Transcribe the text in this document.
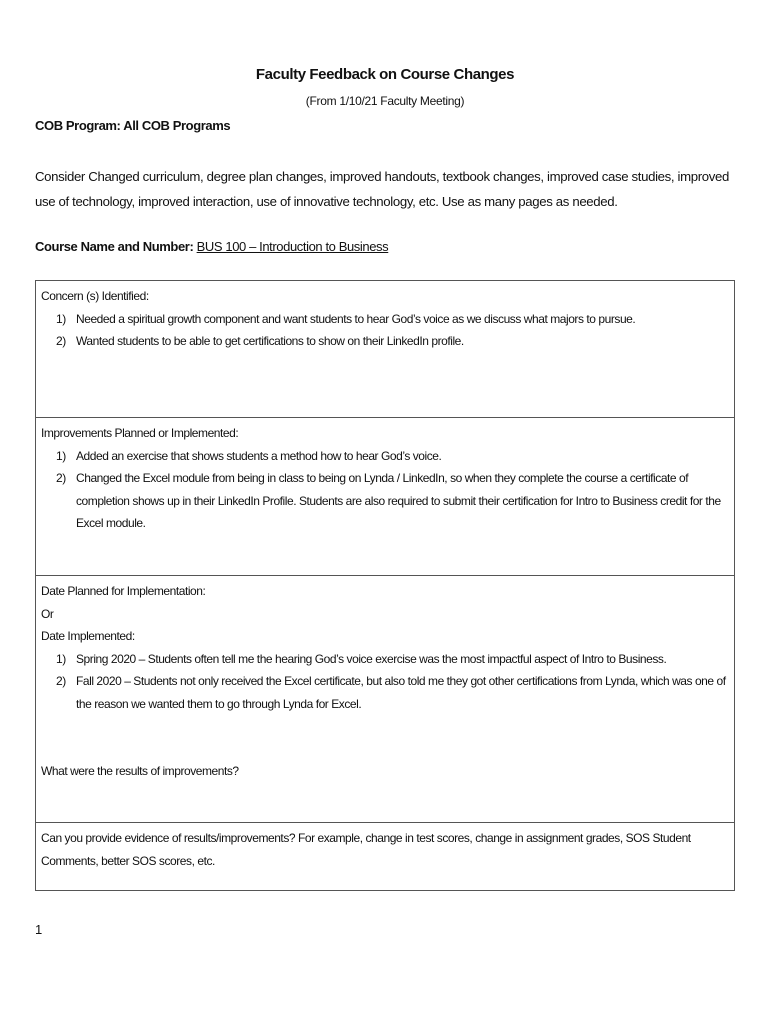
Faculty Feedback on Course Changes
(From 1/10/21 Faculty Meeting)
COB Program: All COB Programs
Consider Changed curriculum, degree plan changes, improved handouts, textbook changes, improved case studies, improved use of technology, improved interaction, use of innovative technology, etc. Use as many pages as needed.
Course Name and Number: BUS 100 – Introduction to Business
Concern (s) Identified:
1) Needed a spiritual growth component and want students to hear God’s voice as we discuss what majors to pursue.
2) Wanted students to be able to get certifications to show on their LinkedIn profile.
Improvements Planned or Implemented:
1) Added an exercise that shows students a method how to hear God’s voice.
2) Changed the Excel module from being in class to being on Lynda / LinkedIn, so when they complete the course a certificate of completion shows up in their LinkedIn Profile. Students are also required to submit their certification for Intro to Business credit for the Excel module.
Date Planned for Implementation:
Or
Date Implemented:
1) Spring 2020 – Students often tell me the hearing God’s voice exercise was the most impactful aspect of Intro to Business.
2) Fall 2020 – Students not only received the Excel certificate, but also told me they got other certifications from Lynda, which was one of the reason we wanted them to go through Lynda for Excel.
What were the results of improvements?
Can you provide evidence of results/improvements? For example, change in test scores, change in assignment grades, SOS Student Comments, better SOS scores, etc.
1
